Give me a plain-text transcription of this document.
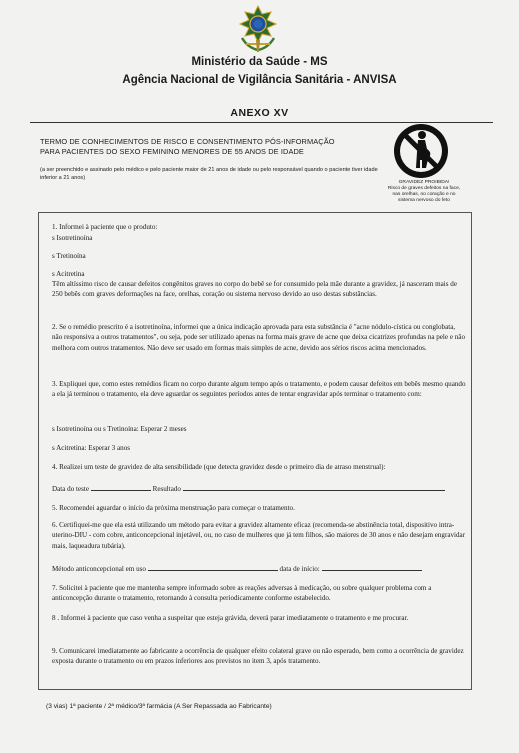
Ministério da Saúde - MS
Agência Nacional de Vigilância Sanitária - ANVISA
ANEXO XV
TERMO DE CONHECIMENTOS DE RISCO E CONSENTIMENTO PÓS-INFORMAÇÃO
PARA PACIENTES DO SEXO FEMININO MENORES DE 55 ANOS DE IDADE
(a ser preenchido e assinado pelo médico e pelo paciente maior de 21 anos de idade ou pelo responsável quando o paciente tiver idade inferior a 21 anos)
GRAVIDEZ PROIBIDA!
Risco de graves defeitos na face, nas orelhas, no coração e no sistema nervoso do feto
1. Informei à paciente que o produto:
s Isotretinoína
s Tretinoína
s Acitretina
Têm altíssimo risco de causar defeitos congênitos graves no corpo do bebê se for consumido pela mãe durante a gravidez, já nasceram mais de 250 bebês com graves deformações na face, orelhas, coração ou sistema nervoso devido ao uso destas substâncias.
2. Se o remédio prescrito é a isotretinoína, informei que a única indicação aprovada para esta substância é "acne nódulo-cística ou conglobata, não responsiva a outros tratamentos", ou seja, pode ser utilizado apenas na forma mais grave de acne que deixa cicatrizes profundas na pele e não melhora com outros tratamentos. Não deve ser usado em formas mais simples de acne, devido aos sérios riscos acima mencionados.
3. Expliquei que, como estes remédios ficam no corpo durante algum tempo após o tratamento, e podem causar defeitos em bebês mesmo quando a ela já terminou o tratamento, ela deve aguardar os seguintes períodos antes de tentar engravidar após terminar o tratamento com:
s Isotretinoína ou s Tretinoína: Esperar 2 meses
s Acitretina: Esperar 3 anos
4. Realizei um teste de gravidez de alta sensibilidade (que detecta gravidez desde o primeiro dia de atraso menstrual):
Data do teste	Resultado
5. Recomendei aguardar o início da próxima menstruação para começar o tratamento.
6. Certifiquei-me que ela está utilizando um método para evitar a gravidez altamente eficaz (recomenda-se abstinência total, dispositivo intra-uterino-DIU - com cobre, anticoncepcional injetável, ou, no caso de mulheres que já tem filhos, são maiores de 30 anos e não desejam engravidar mais, laqueadura tubária).
Método anticoncepcional em uso	data de início:
7. Solicitei à paciente que me mantenha sempre informado sobre as reações adversas à medicação, ou sobre qualquer problema com a anticoncepção durante o tratamento, retornando à consulta periodicamente conforme estabelecido.
8 . Informei à paciente que caso venha a suspeitar que esteja grávida, deverá parar imediatamente o tratamento e me procurar.
9. Comunicarei imediatamente ao fabricante a ocorrência de qualquer efeito colateral grave ou não esperado, bem como a ocorrência de gravidez exposta durante o tratamento ou em prazos inferiores aos previstos no item 3, após tratamento.
(3 vias) 1ª paciente / 2ª médico/3ª farmácia (A Ser Repassada ao Fabricante)
